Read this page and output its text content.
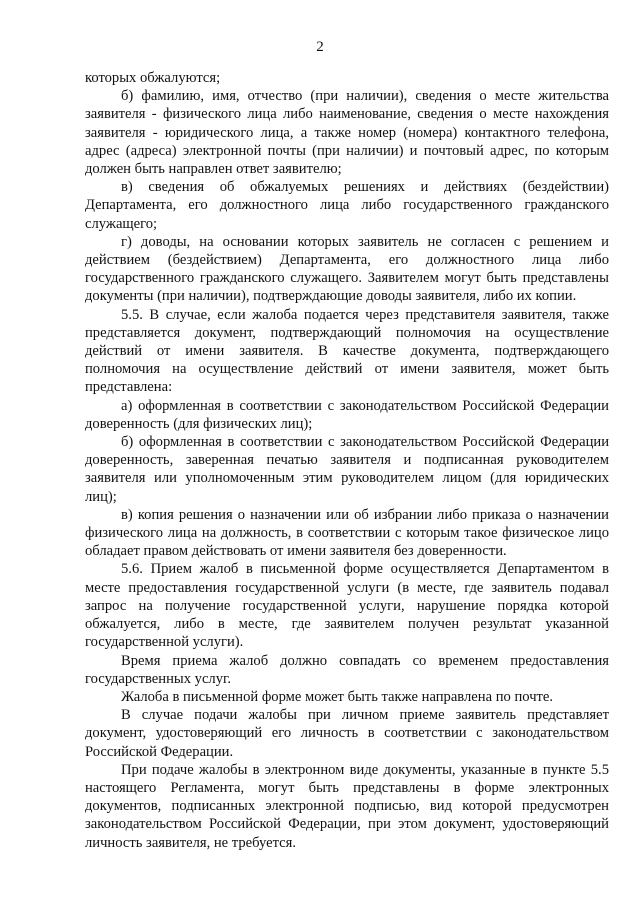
2

которых обжалуются;

б) фамилию, имя, отчество (при наличии), сведения о месте жительства заявителя - физического лица либо наименование, сведения о месте нахождения заявителя - юридического лица, а также номер (номера) контактного телефона, адрес (адреса) электронной почты (при наличии) и почтовый адрес, по которым должен быть направлен ответ заявителю;

в) сведения об обжалуемых решениях и действиях (бездействии) Департамента, его должностного лица либо государственного гражданского служащего;

г) доводы, на основании которых заявитель не согласен с решением и действием (бездействием) Департамента, его должностного лица либо государственного гражданского служащего. Заявителем могут быть представлены документы (при наличии), подтверждающие доводы заявителя, либо их копии.

5.5. В случае, если жалоба подается через представителя заявителя, также представляется документ, подтверждающий полномочия на осуществление действий от имени заявителя. В качестве документа, подтверждающего полномочия на осуществление действий от имени заявителя, может быть представлена:

а) оформленная в соответствии с законодательством Российской Федерации доверенность (для физических лиц);

б) оформленная в соответствии с законодательством Российской Федерации доверенность, заверенная печатью заявителя и подписанная руководителем заявителя или уполномоченным этим руководителем лицом (для юридических лиц);

в) копия решения о назначении или об избрании либо приказа о назначении физического лица на должность, в соответствии с которым такое физическое лицо обладает правом действовать от имени заявителя без доверенности.

5.6. Прием жалоб в письменной форме осуществляется Департаментом в месте предоставления государственной услуги (в месте, где заявитель подавал запрос на получение государственной услуги, нарушение порядка которой обжалуется, либо в месте, где заявителем получен результат указанной государственной услуги).

Время приема жалоб должно совпадать со временем предоставления государственных услуг.

Жалоба в письменной форме может быть также направлена по почте.

В случае подачи жалобы при личном приеме заявитель представляет документ, удостоверяющий его личность в соответствии с законодательством Российской Федерации.

При подаче жалобы в электронном виде документы, указанные в пункте 5.5 настоящего Регламента, могут быть представлены в форме электронных документов, подписанных электронной подписью, вид которой предусмотрен законодательством Российской Федерации, при этом документ, удостоверяющий личность заявителя, не требуется.
